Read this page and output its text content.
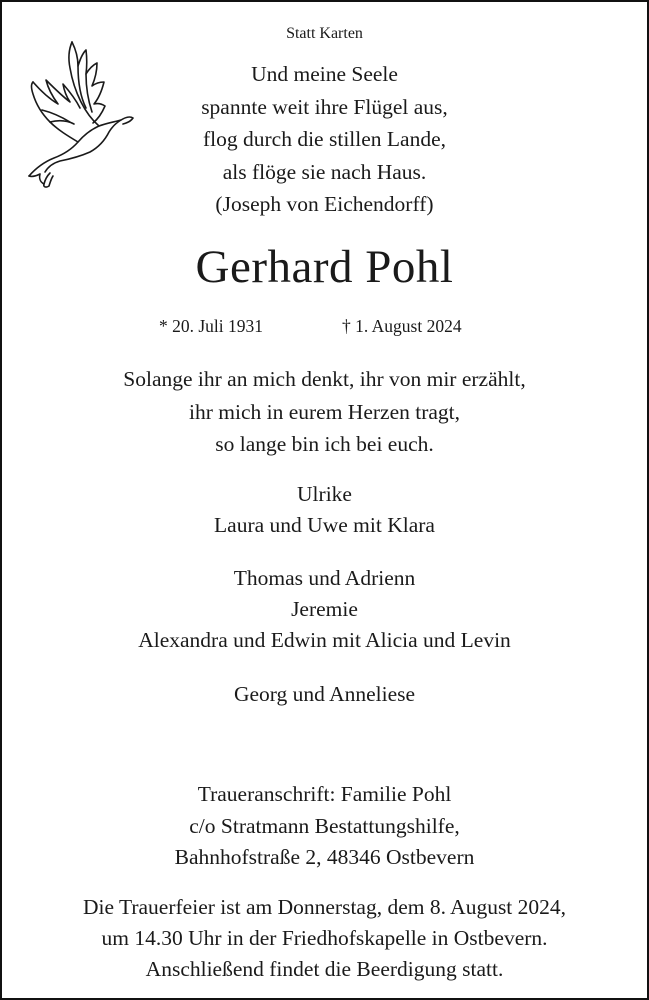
Statt Karten
Und meine Seele
spannte weit ihre Flügel aus,
flog durch die stillen Lande,
als flöge sie nach Haus.
(Joseph von Eichendorff)
Gerhard Pohl
* 20. Juli 1931	† 1. August 2024
Solange ihr an mich denkt, ihr von mir erzählt,
ihr mich in eurem Herzen tragt,
so lange bin ich bei euch.
Ulrike
Laura und Uwe mit Klara
Thomas und Adrienn
Jeremie
Alexandra und Edwin mit Alicia und Levin
Georg und Anneliese
Traueranschrift: Familie Pohl
c/o Stratmann Bestattungshilfe,
Bahnhofstraße 2, 48346 Ostbevern
Die Trauerfeier ist am Donnerstag, dem 8. August 2024,
um 14.30 Uhr in der Friedhofskapelle in Ostbevern.
Anschließend findet die Beerdigung statt.
